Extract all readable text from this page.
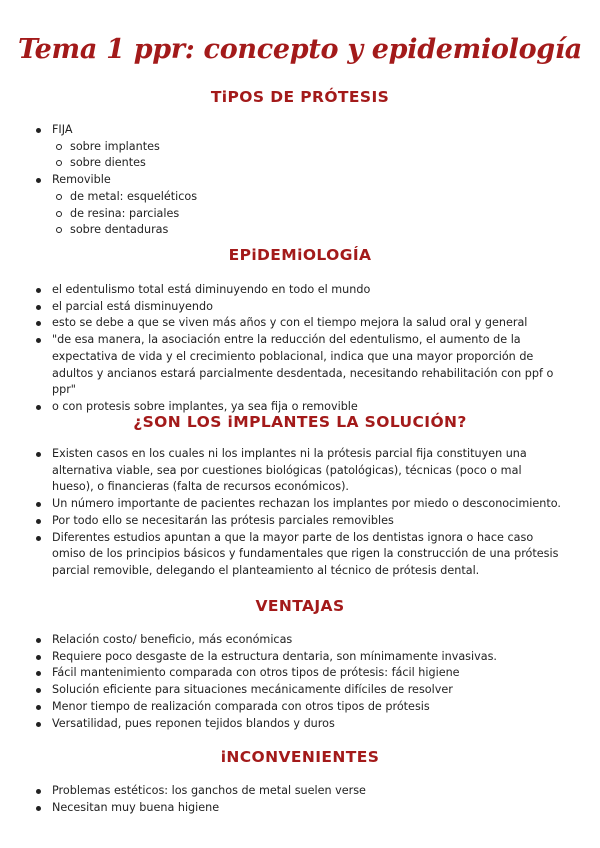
Tema 1 ppr: concepto y epidemiología
TiPOS DE PRÓTESIS
FIJA
sobre implantes
sobre dientes
Removible
de metal: esqueléticos
de resina: parciales
sobre dentaduras
EPiDEMiOLOGÍA
el edentulismo total está diminuyendo en todo el mundo
el parcial está disminuyendo
esto se debe a que se viven más años y con el tiempo mejora la salud oral y general
"de esa manera, la asociación entre la reducción del edentulismo, el aumento de la expectativa de vida y el crecimiento poblacional, indica que una mayor proporción de adultos y ancianos estará parcialmente desdentada, necesitando rehabilitación con ppf o ppr"
o con protesis sobre implantes, ya sea fija o removible
¿SON LOS iMPLANTES LA SOLUCIÓN?
Existen casos en los cuales ni los implantes ni la prótesis parcial fija constituyen una alternativa viable, sea por cuestiones biológicas (patológicas), técnicas (poco o mal hueso), o financieras (falta de recursos económicos).
Un número importante de pacientes rechazan los implantes por miedo o desconocimiento.
Por todo ello se necesitarán las prótesis parciales removibles
Diferentes estudios apuntan a que la mayor parte de los dentistas ignora o hace caso omiso de los principios básicos y fundamentales que rigen la construcción de una prótesis parcial removible, delegando el planteamiento al técnico de prótesis dental.
VENTAJAS
Relación costo/ beneficio, más económicas
Requiere poco desgaste de la estructura dentaria, son mínimamente invasivas.
Fácil mantenimiento comparada con otros tipos de prótesis: fácil higiene
Solución eficiente para situaciones mecánicamente difíciles de resolver
Menor tiempo de realización comparada con otros tipos de prótesis
Versatilidad, pues reponen tejidos blandos y duros
iNCONVENIENTES
Problemas estéticos: los ganchos de metal suelen verse
Necesitan muy buena higiene
